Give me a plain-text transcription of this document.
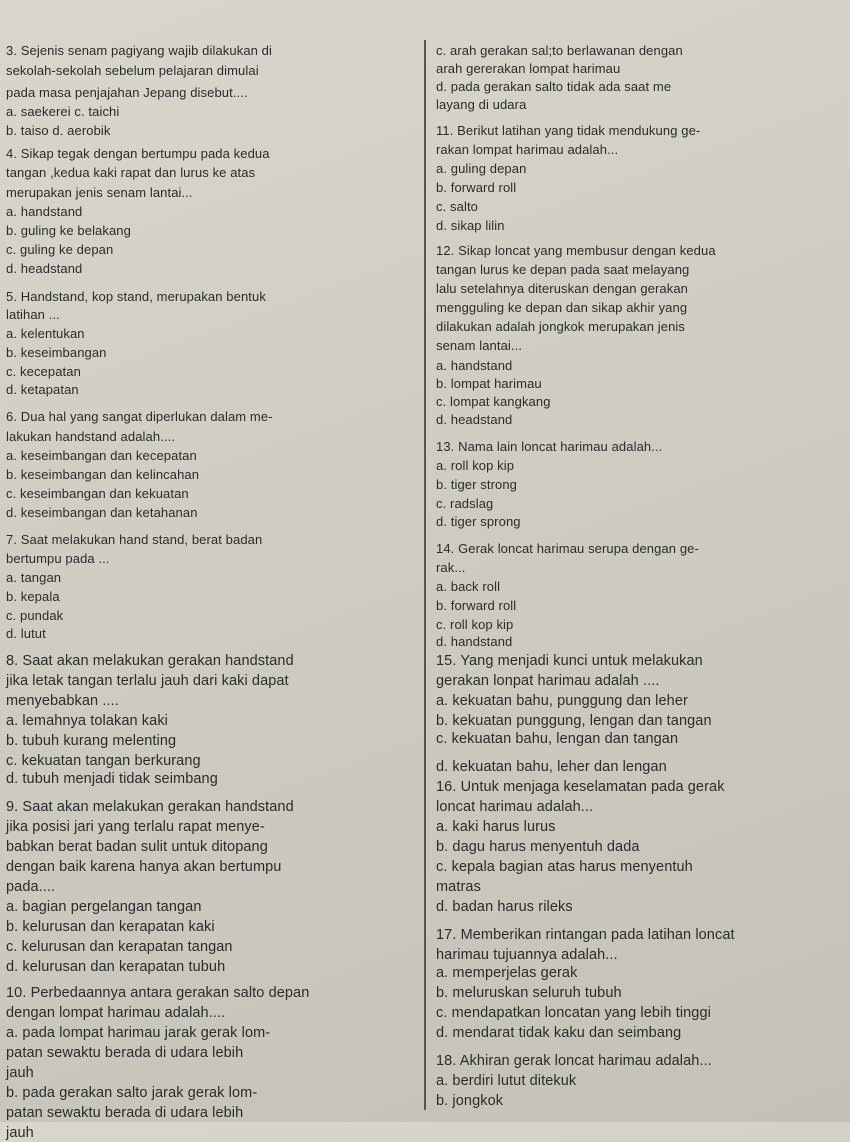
3. Sejenis senam pagiyang wajib dilakukan di
sekolah-sekolah sebelum pelajaran dimulai
pada masa penjajahan Jepang disebut....
a. saekerei c. taichi
b. taiso d. aerobik
4. Sikap tegak dengan bertumpu pada kedua
tangan ,kedua kaki rapat dan lurus ke atas
merupakan jenis senam lantai...
a. handstand
b. guling ke belakang
c. guling ke depan
d. headstand
5. Handstand, kop stand, merupakan bentuk
latihan ...
a. kelentukan
b. keseimbangan
c. kecepatan
d. ketapatan
6. Dua hal yang sangat diperlukan dalam me-
lakukan handstand adalah....
a. keseimbangan dan kecepatan
b. keseimbangan dan kelincahan
c. keseimbangan dan kekuatan
d. keseimbangan dan ketahanan
7. Saat melakukan hand stand, berat badan
bertumpu pada ...
a. tangan
b. kepala
c. pundak
d. lutut
8. Saat akan melakukan gerakan handstand
jika letak tangan terlalu jauh dari kaki dapat
menyebabkan ....
a. lemahnya tolakan kaki
b. tubuh kurang melenting
c. kekuatan tangan berkurang
d. tubuh menjadi tidak seimbang
9. Saat akan melakukan gerakan handstand
jika posisi jari yang terlalu rapat menye-
babkan berat badan sulit untuk ditopang
dengan baik karena hanya akan bertumpu
pada....
a. bagian pergelangan tangan
b. kelurusan dan kerapatan kaki
c. kelurusan dan kerapatan tangan
d. kelurusan dan kerapatan tubuh
10. Perbedaannya antara gerakan salto depan
dengan lompat harimau adalah....
a. pada lompat harimau jarak gerak lom-
patan sewaktu berada di udara lebih
jauh
b. pada gerakan salto jarak gerak lom-
patan sewaktu berada di udara lebih
jauh
c. arah gerakan sal;to berlawanan dengan
arah gererakan lompat harimau
d. pada gerakan salto tidak ada saat me
layang di udara
11. Berikut latihan yang tidak mendukung ge-
rakan lompat harimau adalah...
a. guling depan
b. forward roll
c. salto
d. sikap lilin
12. Sikap loncat yang membusur dengan kedua
tangan lurus ke depan pada saat melayang
lalu setelahnya diteruskan dengan gerakan
mengguling ke depan dan sikap akhir yang
dilakukan adalah jongkok merupakan jenis
senam lantai...
a. handstand
b. lompat harimau
c. lompat kangkang
d. headstand
13. Nama lain loncat harimau adalah...
a. roll kop kip
b. tiger strong
c. radslag
d. tiger sprong
14. Gerak loncat harimau serupa dengan ge-
rak...
a. back roll
b. forward roll
c. roll kop kip
d. handstand
15. Yang menjadi kunci untuk melakukan
gerakan lonpat harimau adalah ....
a. kekuatan bahu, punggung dan leher
b. kekuatan punggung, lengan dan tangan
c. kekuatan bahu, lengan dan tangan
d. kekuatan bahu, leher dan lengan
16. Untuk menjaga keselamatan pada gerak
loncat harimau adalah...
a. kaki harus lurus
b. dagu harus menyentuh dada
c. kepala bagian atas harus menyentuh
matras
d. badan harus rileks
17. Memberikan rintangan pada latihan loncat
harimau tujuannya adalah...
a. memperjelas gerak
b. meluruskan seluruh tubuh
c. mendapatkan loncatan yang lebih tinggi
d. mendarat tidak kaku dan seimbang
18. Akhiran gerak loncat harimau adalah...
a. berdiri lutut ditekuk
b. jongkok
